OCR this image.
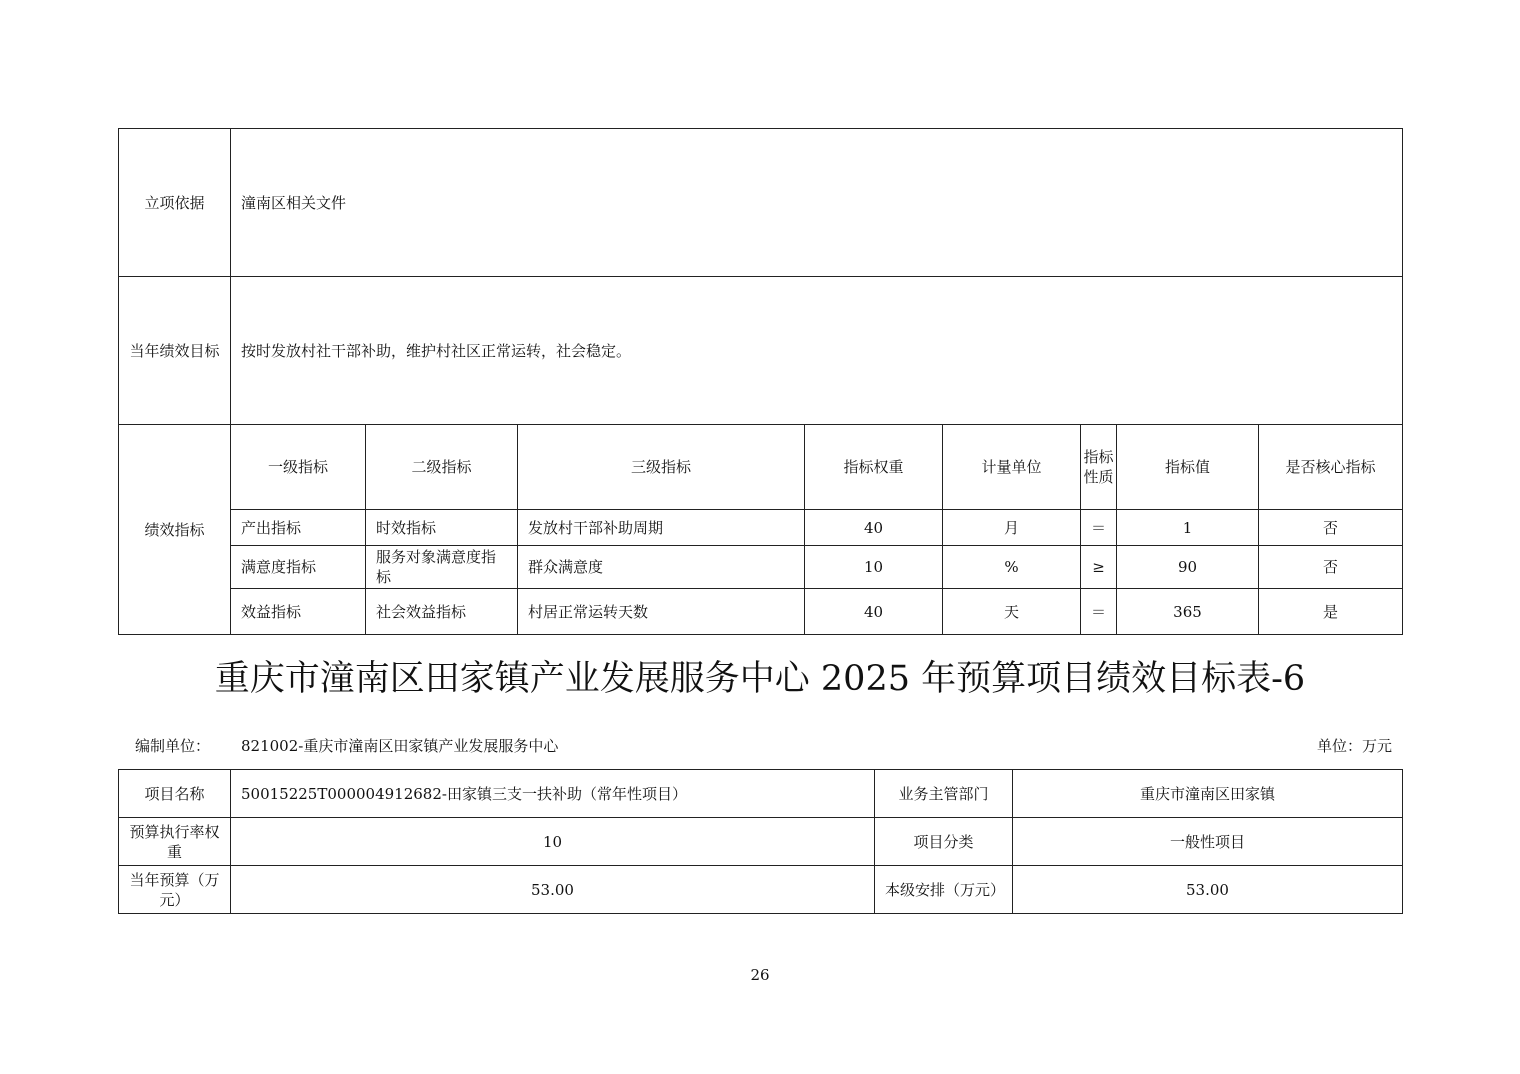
立项依据	潼南区相关文件							
当年绩效目标	按时发放村社干部补助，维护村社区正常运转，社会稳定。							
绩效指标	一级指标	二级指标	三级指标	指标权重	计量单位	指标性质	指标值	是否核心指标
	产出指标	时效指标	发放村干部补助周期	40	月	＝	1	否
	满意度指标	服务对象满意度指标	群众满意度	10	%	≥	90	否
	效益指标	社会效益指标	村居正常运转天数	40	天	＝	365	是
重庆市潼南区田家镇产业发展服务中心 2025 年预算项目绩效目标表-6
编制单位： 821002-重庆市潼南区田家镇产业发展服务中心	单位：万元
项目名称	50015225T000004912682-田家镇三支一扶补助（常年性项目）	业务主管部门	重庆市潼南区田家镇
预算执行率权重	10	项目分类	一般性项目
当年预算（万元）	53.00	本级安排（万元）	53.00
26
